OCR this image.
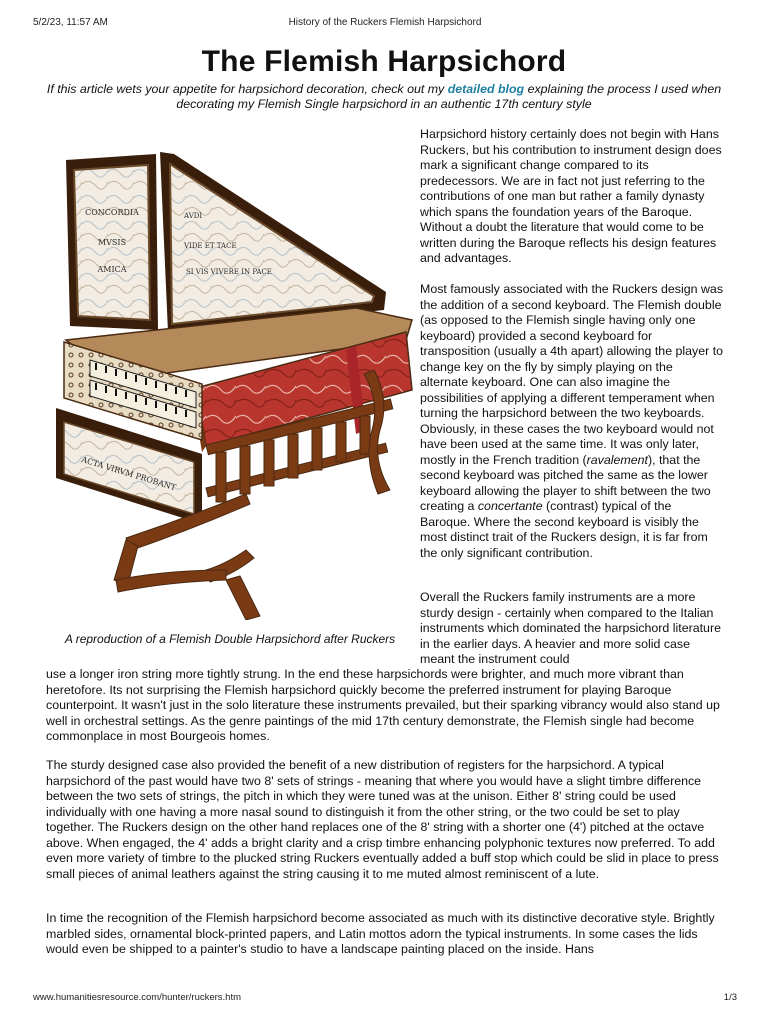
5/2/23, 11:57 AM	History of the Ruckers Flemish Harpsichord
The Flemish Harpsichord
If this article wets your appetite for harpsichord decoration, check out my detailed blog explaining the process I used when decorating my Flemish Single harpsichord in an authentic 17th century style
CONCORDIA
MVSIS
AMICA
AVDI
VIDE ET TACE
SI VIS VIVERE IN PACE
ACTA VIRVM PROBANT
A reproduction of a Flemish Double Harpsichord after Ruckers

Harpsichord history certainly does not begin with Hans Ruckers, but his contribution to instrument design does mark a significant change compared to its predecessors. We are in fact not just referring to the contributions of one man but rather a family dynasty which spans the foundation years of the Baroque. Without a doubt the literature that would come to be written during the Baroque reflects his design features and advantages.

Most famously associated with the Ruckers design was the addition of a second keyboard. The Flemish double (as opposed to the Flemish single having only one keyboard) provided a second keyboard for transposition (usually a 4th apart) allowing the player to change key on the fly by simply playing on the alternate keyboard. One can also imagine the possibilities of applying a different temperament when turning the harpsichord between the two keyboards. Obviously, in these cases the two keyboard would not have been used at the same time. It was only later, mostly in the French tradition (ravalement), that the second keyboard was pitched the same as the lower keyboard allowing the player to shift between the two creating a concertante (contrast) typical of the Baroque. Where the second keyboard is visibly the most distinct trait of the Ruckers design, it is far from the only significant contribution.

Overall the Ruckers family instruments are a more sturdy design - certainly when compared to the Italian instruments which dominated the harpsichord literature in the earlier days. A heavier and more solid case meant the instrument could

use a longer iron string more tightly strung. In the end these harpsichords were brighter, and much more vibrant than heretofore. Its not surprising the Flemish harpsichord quickly become the preferred instrument for playing Baroque counterpoint. It wasn't just in the solo literature these instruments prevailed, but their sparking vibrancy would also stand up well in orchestral settings. As the genre paintings of the mid 17th century demonstrate, the Flemish single had become commonplace in most Bourgeois homes.

The sturdy designed case also provided the benefit of a new distribution of registers for the harpsichord. A typical harpsichord of the past would have two 8' sets of strings - meaning that where you would have a slight timbre difference between the two sets of strings, the pitch in which they were tuned was at the unison. Either 8' string could be used individually with one having a more nasal sound to distinguish it from the other string, or the two could be set to play together. The Ruckers design on the other hand replaces one of the 8' string with a shorter one (4') pitched at the octave above. When engaged, the 4' adds a bright clarity and a crisp timbre enhancing polyphonic textures now preferred. To add even more variety of timbre to the plucked string Ruckers eventually added a buff stop which could be slid in place to press small pieces of animal leathers against the string causing it to me muted almost reminiscent of a lute.

In time the recognition of the Flemish harpsichord become associated as much with its distinctive decorative style. Brightly marbled sides, ornamental block-printed papers, and Latin mottos adorn the typical instruments. In some cases the lids would even be shipped to a painter's studio to have a landscape painting placed on the inside. Hans

www.humanitiesresource.com/hunter/ruckers.htm	1/3
